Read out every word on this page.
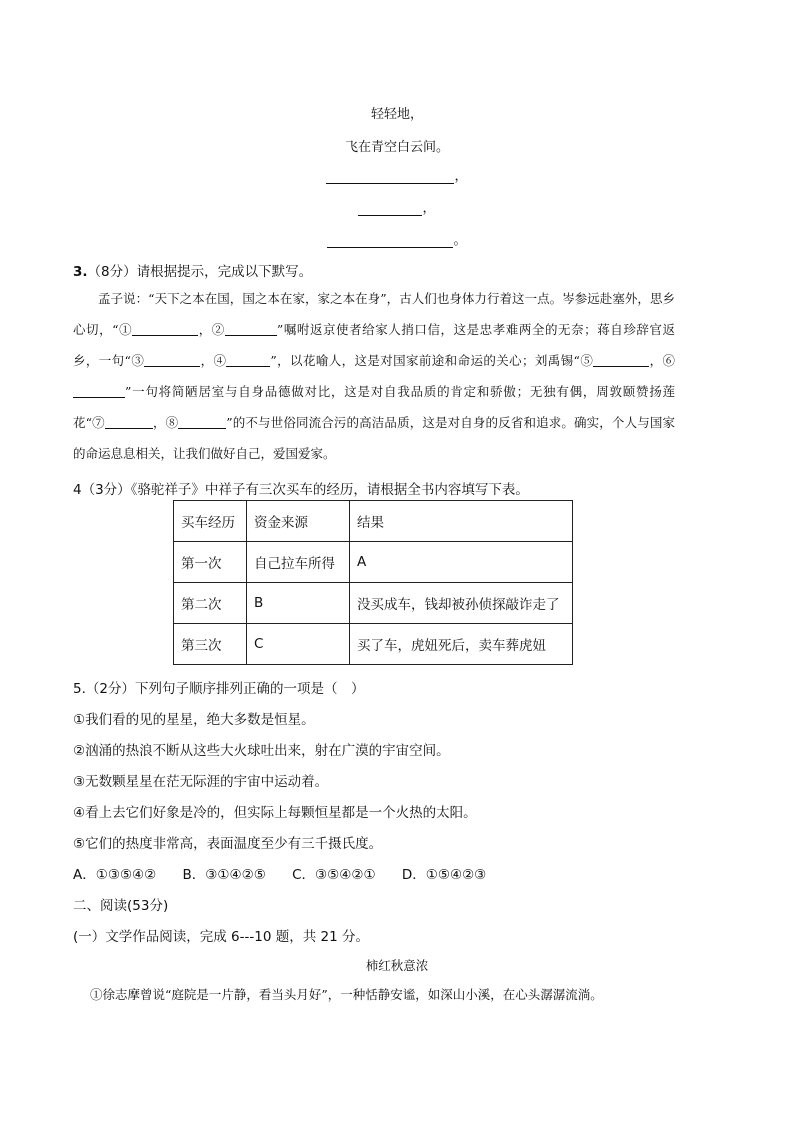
轻轻地，
飞在青空白云间。
，
，
。
3.（8分）请根据提示，完成以下默写。
孟子说：“天下之本在国，国之本在家，家之本在身”，古人们也身体力行着这一点。岑参远赴塞外，思乡心切，“①	，②	”嘱咐返京使者给家人捎口信，这是忠孝难两全的无奈；蒋自珍辞官返乡，一句“③	，④	”，以花喻人，这是对国家前途和命运的关心；刘禹锡“⑤	，⑥”一句将简陋居室与自身品德做对比，这是对自我品质的肯定和骄傲；无独有偶，周敦颐赞扬莲花“⑦	，⑧	”的不与世俗同流合污的高洁品质，这是对自身的反省和追求。确实，个人与国家的命运息息相关，让我们做好自己，爱国爱家。
4（3分）《骆驼祥子》中祥子有三次买车的经历，请根据全书内容填写下表。
买车经历	资金来源	结果
第一次	自己拉车所得	A
第二次	B	没买成车，钱却被孙侦探敲诈走了
第三次	C	买了车，虎妞死后，卖车葬虎妞
5.（2分）下列句子顺序排列正确的一项是（　）
①我们看的见的星星，绝大多数是恒星。
②汹涌的热浪不断从这些大火球吐出来，射在广漠的宇宙空间。
③无数颗星星在茫无际涯的宇宙中运动着。
④看上去它们好象是冷的，但实际上每颗恒星都是一个火热的太阳。
⑤它们的热度非常高，表面温度至少有三千摄氏度。
A．①③⑤④② B．③①④②⑤ C．③⑤④②① D．①⑤④②③
二、阅读(53分)
(一）文学作品阅读，完成 6---10 题，共 21 分。
柿红秋意浓
①徐志摩曾说“庭院是一片静，看当头月好”，一种恬静安谧，如深山小溪，在心头潺潺流淌。
